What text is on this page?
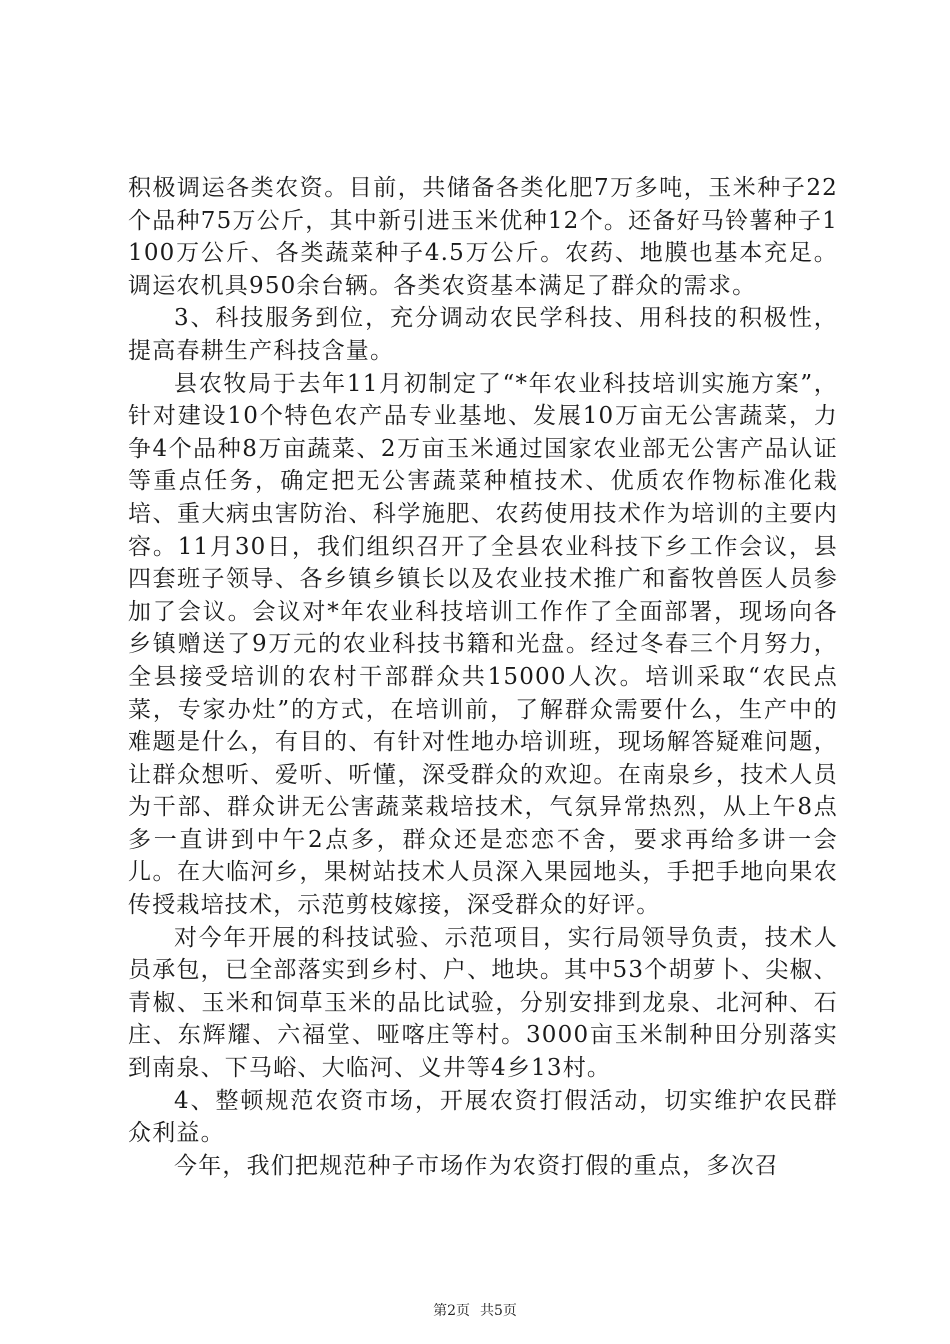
积极调运各类农资。目前，共储备各类化肥7万多吨，玉米种子22个品种75万公斤，其中新引进玉米优种12个。还备好马铃薯种子1100万公斤、各类蔬菜种子4.5万公斤。农药、地膜也基本充足。调运农机具950余台辆。各类农资基本满足了群众的需求。

3、科技服务到位，充分调动农民学科技、用科技的积极性，提高春耕生产科技含量。

县农牧局于去年11月初制定了“*年农业科技培训实施方案”，针对建设10个特色农产品专业基地、发展10万亩无公害蔬菜，力争4个品种8万亩蔬菜、2万亩玉米通过国家农业部无公害产品认证等重点任务，确定把无公害蔬菜种植技术、优质农作物标准化栽培、重大病虫害防治、科学施肥、农药使用技术作为培训的主要内容。11月30日，我们组织召开了全县农业科技下乡工作会议，县四套班子领导、各乡镇乡镇长以及农业技术推广和畜牧兽医人员参加了会议。会议对*年农业科技培训工作作了全面部署，现场向各乡镇赠送了9万元的农业科技书籍和光盘。经过冬春三个月努力，全县接受培训的农村干部群众共15000人次。培训采取“农民点菜，专家办灶”的方式，在培训前，了解群众需要什么，生产中的难题是什么，有目的、有针对性地办培训班，现场解答疑难问题，让群众想听、爱听、听懂，深受群众的欢迎。在南泉乡，技术人员为干部、群众讲无公害蔬菜栽培技术，气氛异常热烈，从上午8点多一直讲到中午2点多，群众还是恋恋不舍，要求再给多讲一会儿。在大临河乡，果树站技术人员深入果园地头，手把手地向果农传授栽培技术，示范剪枝嫁接，深受群众的好评。

对今年开展的科技试验、示范项目，实行局领导负责，技术人员承包，已全部落实到乡村、户、地块。其中53个胡萝卜、尖椒、青椒、玉米和饲草玉米的品比试验，分别安排到龙泉、北河种、石庄、东辉耀、六福堂、哑喀庄等村。3000亩玉米制种田分别落实到南泉、下马峪、大临河、义井等4乡13村。

4、整顿规范农资市场，开展农资打假活动，切实维护农民群众利益。

今年，我们把规范种子市场作为农资打假的重点，多次召

第2页 共5页
